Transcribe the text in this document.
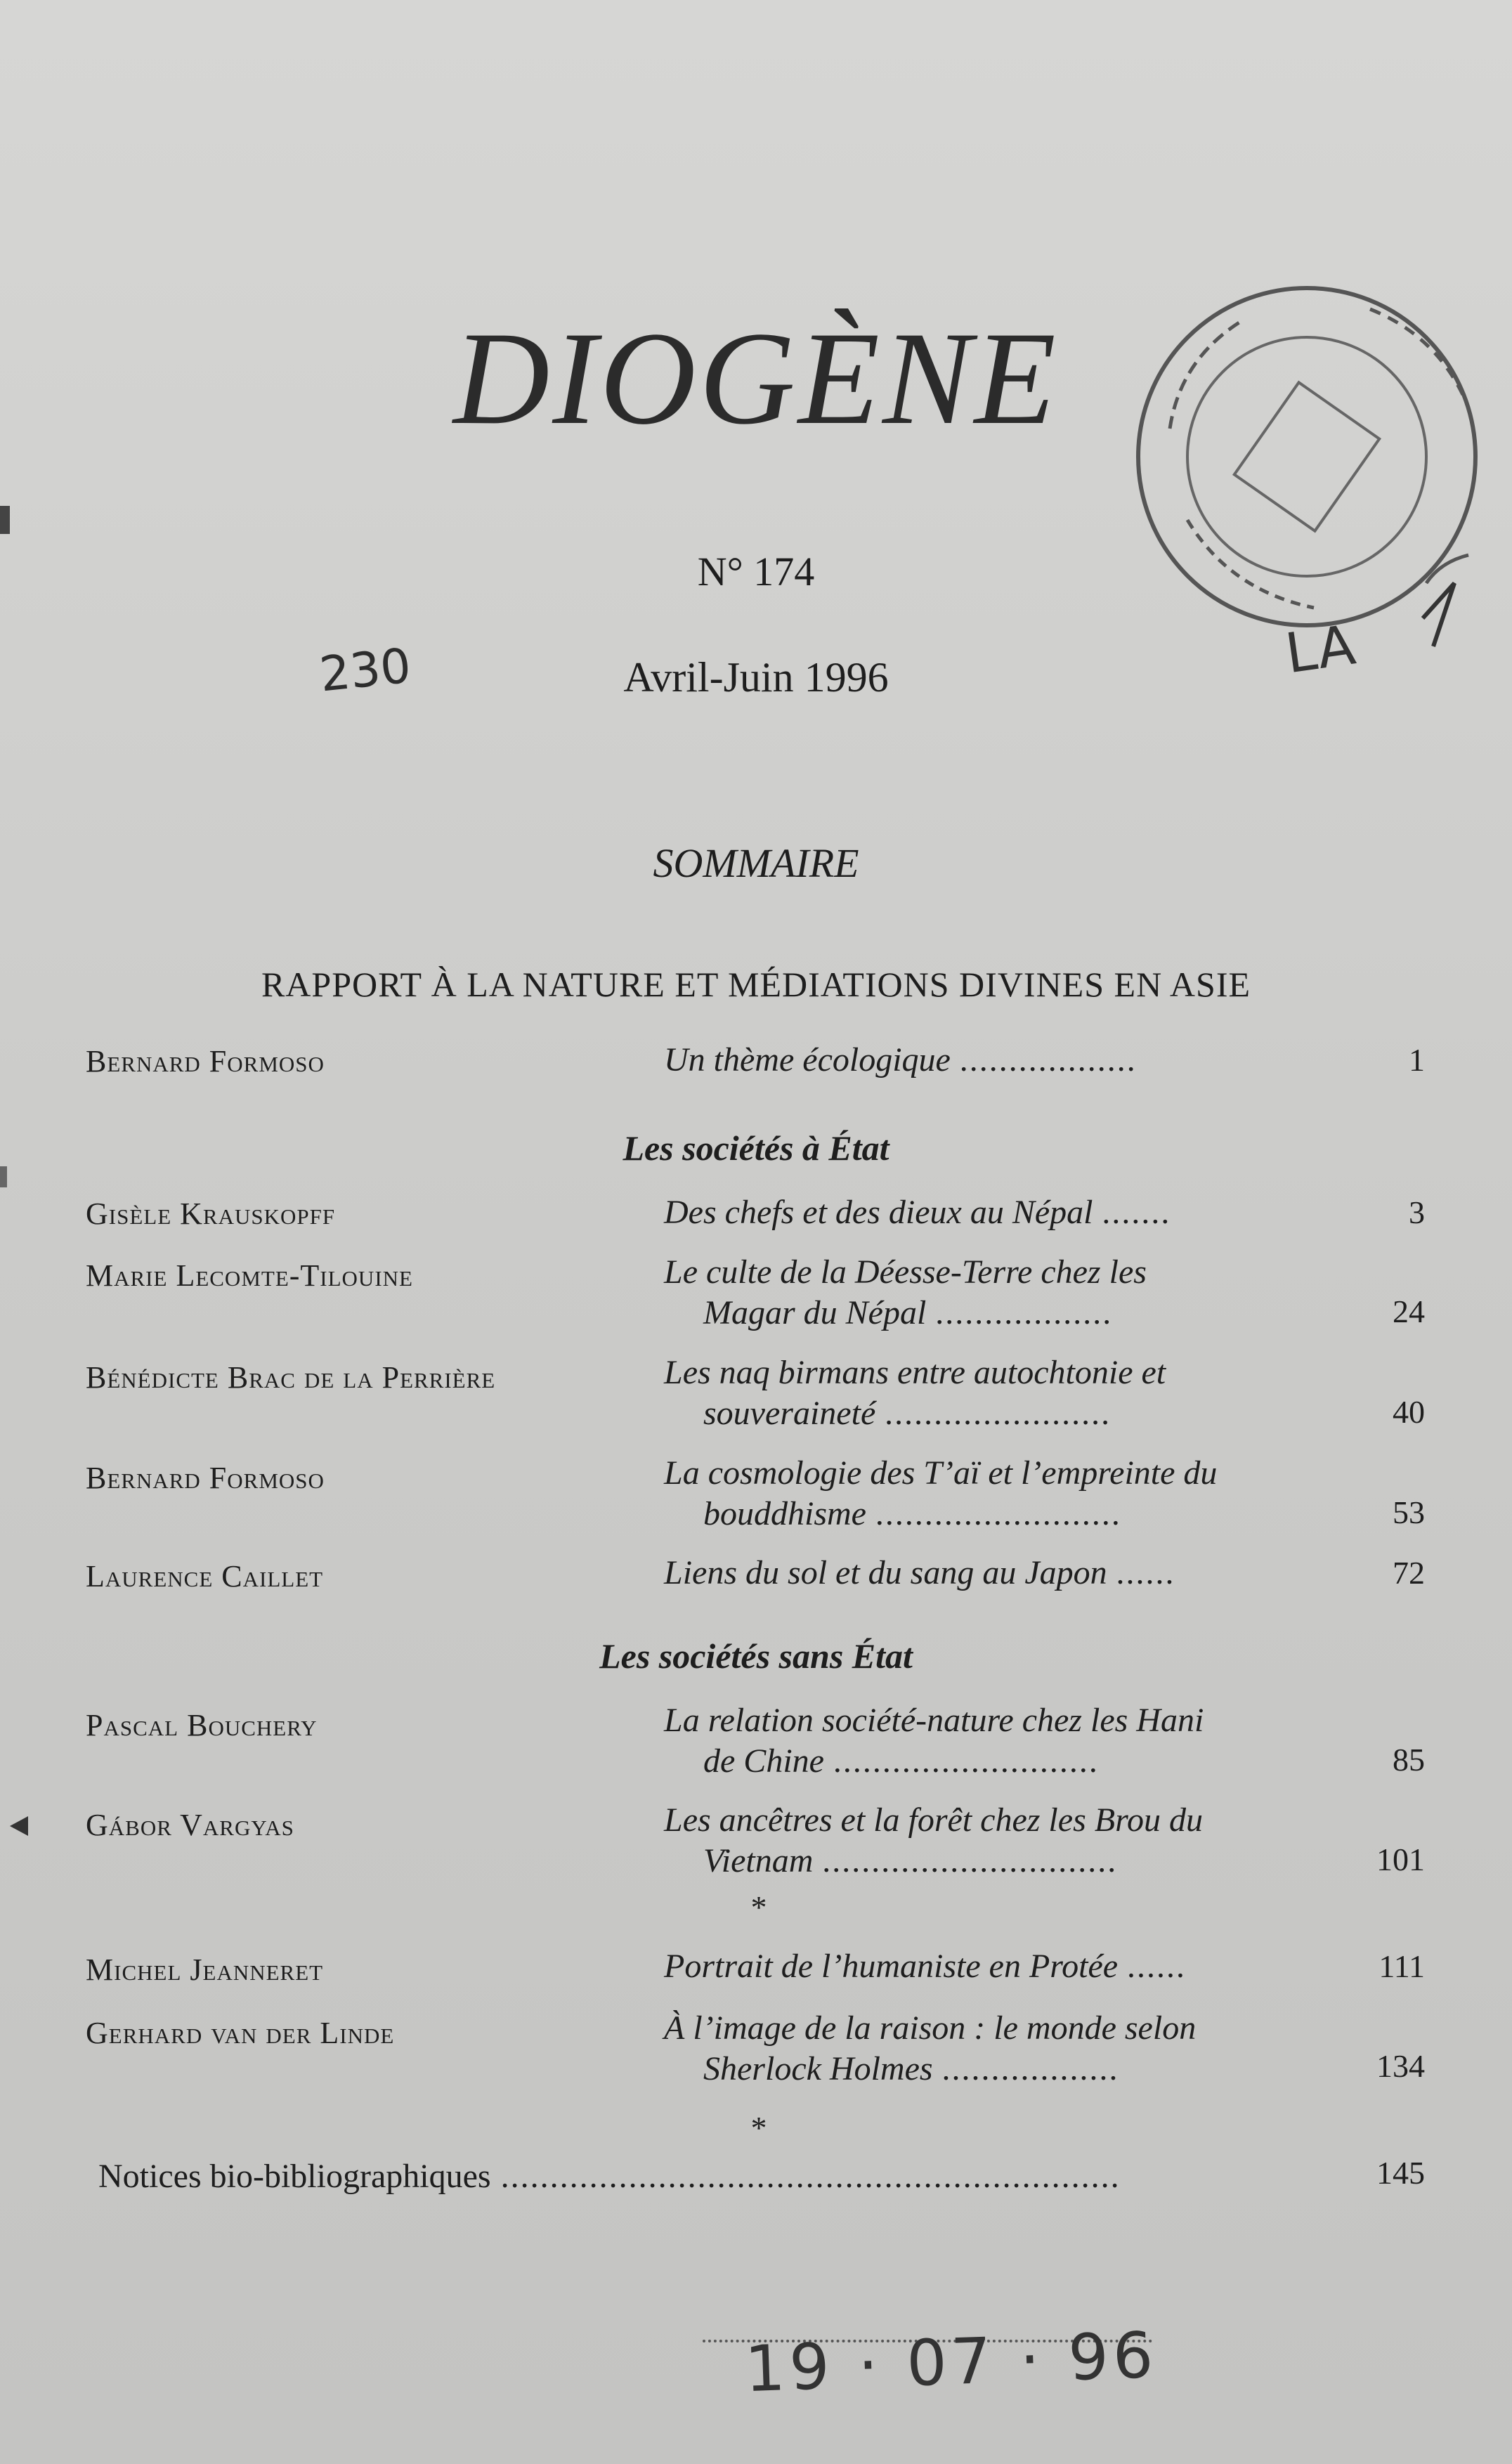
LA
DIOGÈNE
N° 174
230	Avril-Juin 1996
SOMMAIRE
RAPPORT À LA NATURE ET MÉDIATIONS DIVINES EN ASIE
Bernard Formoso	Un thème écologique ..................	1
Les sociétés à État
Gisèle Krauskopff	Des chefs et des dieux au Népal .......	3
Marie Lecomte-Tilouine	Le culte de la Déesse-Terre chez les
Magar du Népal ..................	24
Bénédicte Brac de la Perrière	Les naq birmans entre autochtonie et
souveraineté .......................	40
Bernard Formoso	La cosmologie des T’aï et l’empreinte du
bouddhisme .........................	53
Laurence Caillet	Liens du sol et du sang au Japon ......	72
Les sociétés sans État
Pascal Bouchery	La relation société-nature chez les Hani
de Chine ...........................	85
Gábor Vargyas	Les ancêtres et la forêt chez les Brou du
Vietnam ..............................	101
*
Michel Jeanneret	Portrait de l’humaniste en Protée ......	111
Gerhard van der Linde	À l’image de la raison : le monde selon
Sherlock Holmes ..................	134
*
Notices bio-bibliographiques ...............................................................	145
19 · 07 · 96
